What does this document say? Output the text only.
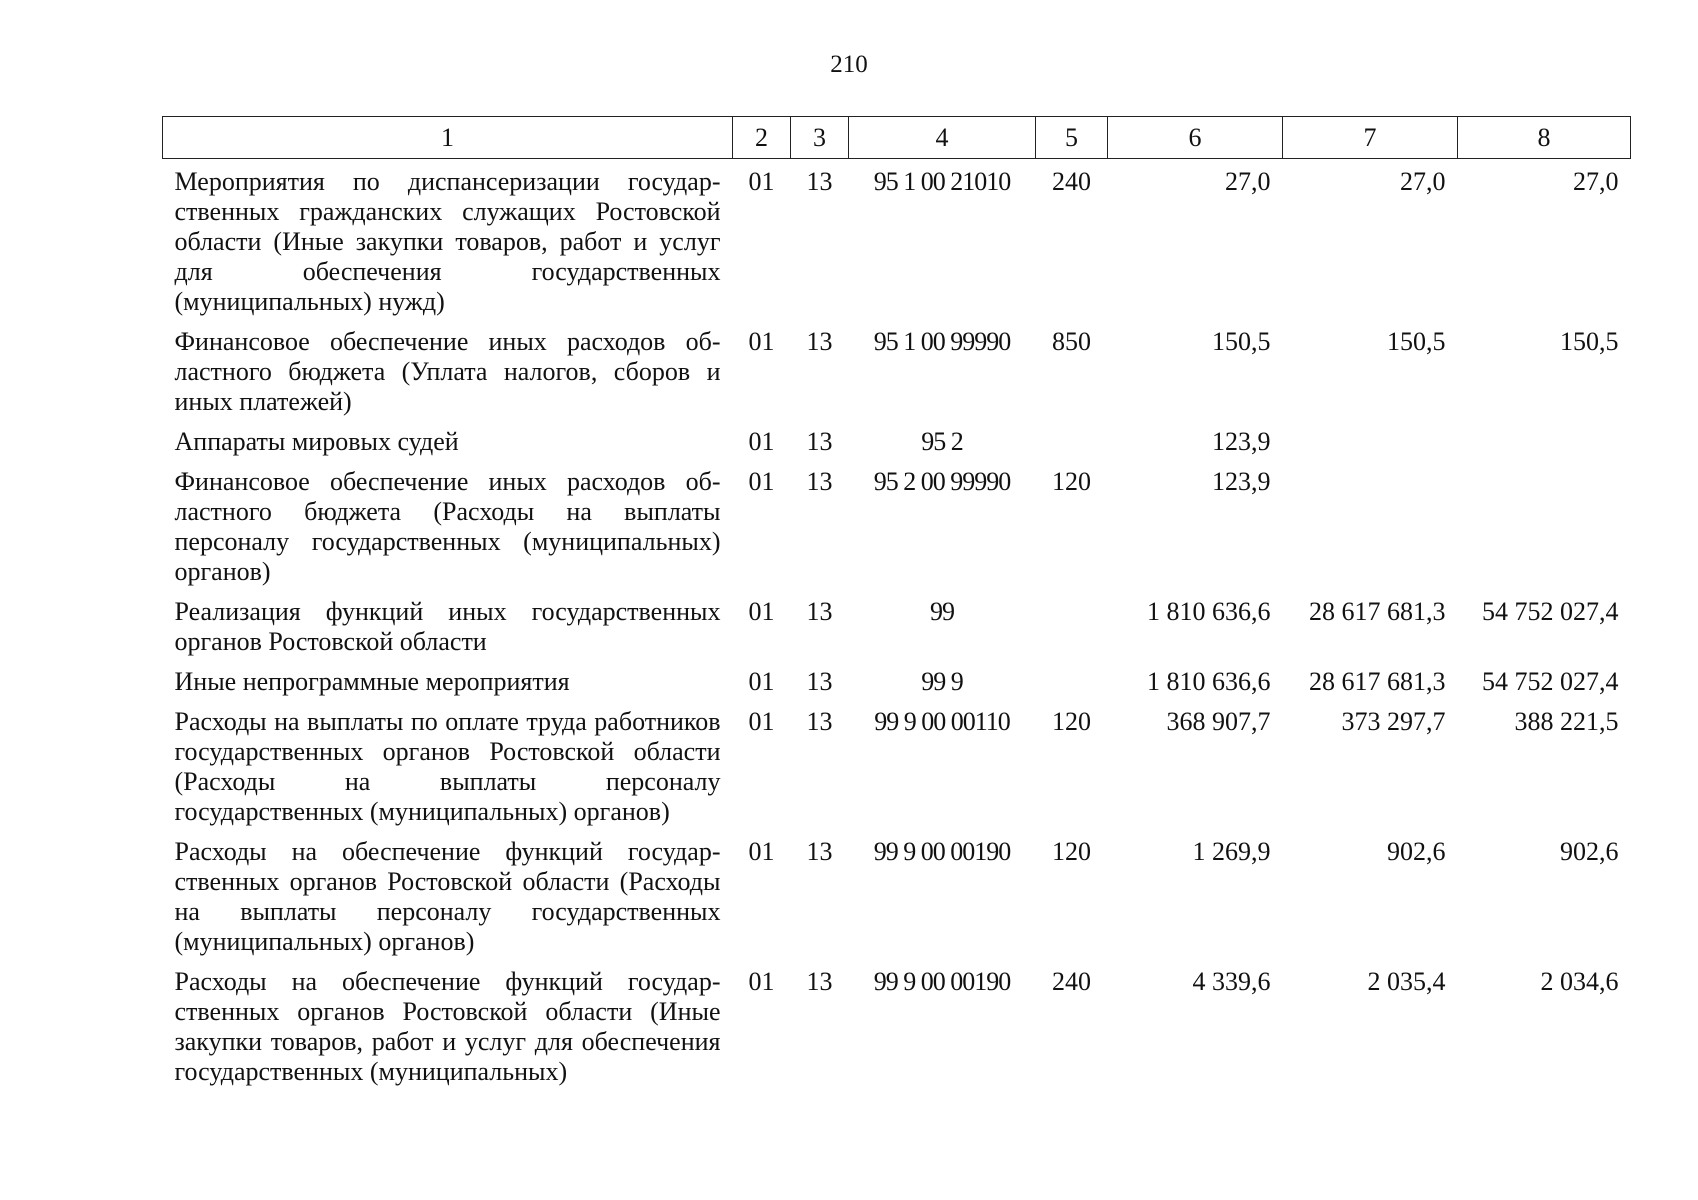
210
1	2	3	4	5	6	7	8
Мероприятия по диспансеризации государственных гражданских служащих Ростовской области (Иные закупки товаров, работ и услуг для обеспечения государственных (муниципальных) нужд)	01	13	95 1 00 21010	240	27,0	27,0	27,0
Финансовое обеспечение иных расходов областного бюджета (Уплата налогов, сборов и иных платежей)	01	13	95 1 00 99990	850	150,5	150,5	150,5
Аппараты мировых судей	01	13	95 2		123,9		
Финансовое обеспечение иных расходов областного бюджета (Расходы на выплаты персоналу государственных (муниципальных) органов)	01	13	95 2 00 99990	120	123,9		
Реализация функций иных государственных органов Ростовской области	01	13	99		1 810 636,6	28 617 681,3	54 752 027,4
Иные непрограммные мероприятия	01	13	99 9		1 810 636,6	28 617 681,3	54 752 027,4
Расходы на выплаты по оплате труда работников государственных органов Ростовской области (Расходы на выплаты персоналу государственных (муниципальных) органов)	01	13	99 9 00 00110	120	368 907,7	373 297,7	388 221,5
Расходы на обеспечение функций государственных органов Ростовской области (Расходы на выплаты персоналу государственных (муниципальных) органов)	01	13	99 9 00 00190	120	1 269,9	902,6	902,6
Расходы на обеспечение функций государственных органов Ростовской области (Иные закупки товаров, работ и услуг для обеспечения государственных (муниципальных)	01	13	99 9 00 00190	240	4 339,6	2 035,4	2 034,6
